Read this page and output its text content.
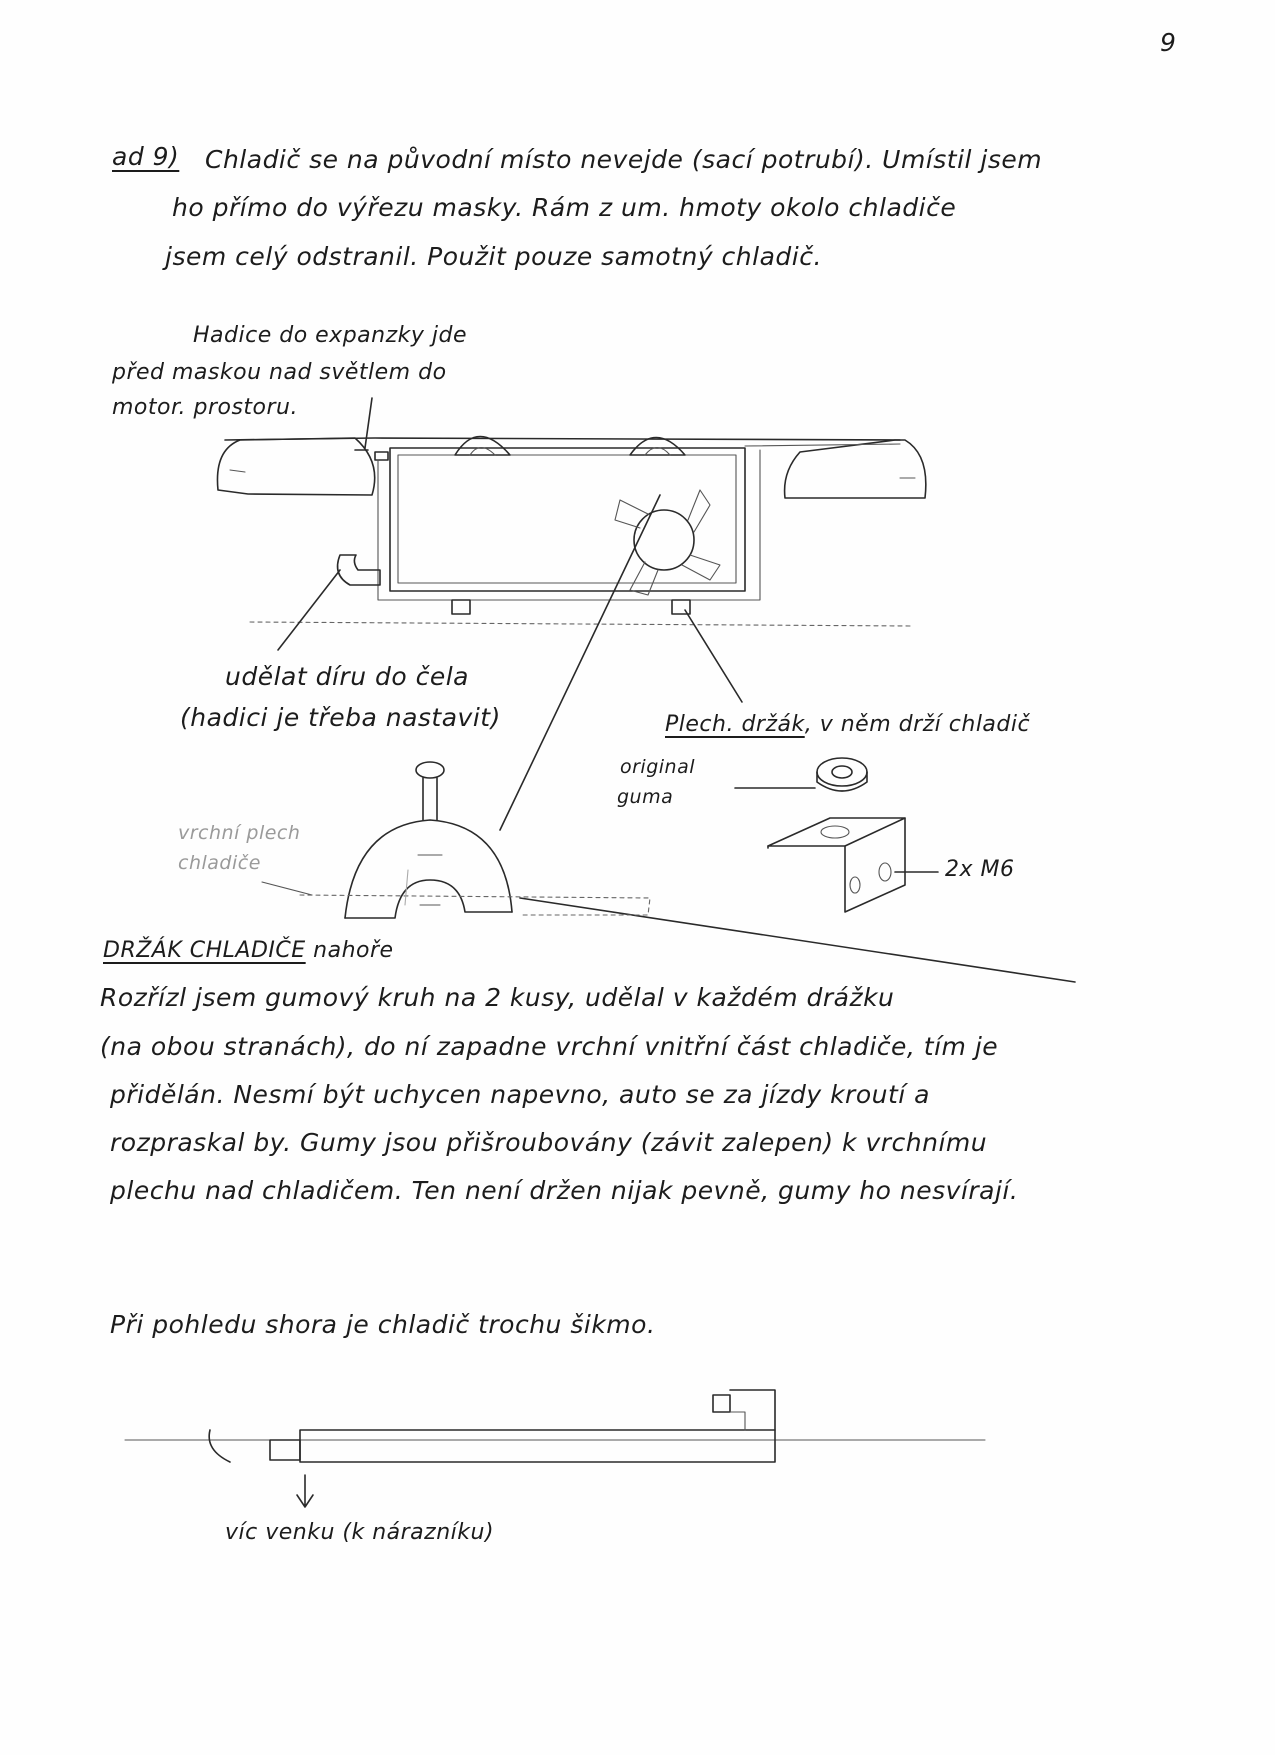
9
ad 9) Chladič se na původní místo nevejde (sací potrubí). Umístil jsem
ho přímo do výřezu masky. Rám z um. hmoty okolo chladiče
jsem celý odstranil. Použit pouze samotný chladič.
Hadice do expanzky jde
před maskou nad světlem do
motor. prostoru.
udělat díru do čela
(hadici je třeba nastavit)	Plech. držák, v něm drží chladič
original
guma
2x M6
vrchní plech
chladiče
DRŽÁK CHLADIČE nahoře
Rozřízl jsem gumový kruh na 2 kusy, udělal v každém drážku
(na obou stranách), do ní zapadne vrchní vnitřní část chladiče, tím je
přidělán. Nesmí být uchycen napevno, auto se za jízdy kroutí a
rozpraskal by. Gumy jsou přišroubovány (závit zalepen) k vrchnímu
plechu nad chladičem. Ten není držen nijak pevně, gumy ho nesvírají.
Při pohledu shora je chladič trochu šikmo.
víc venku (k nárazníku)
